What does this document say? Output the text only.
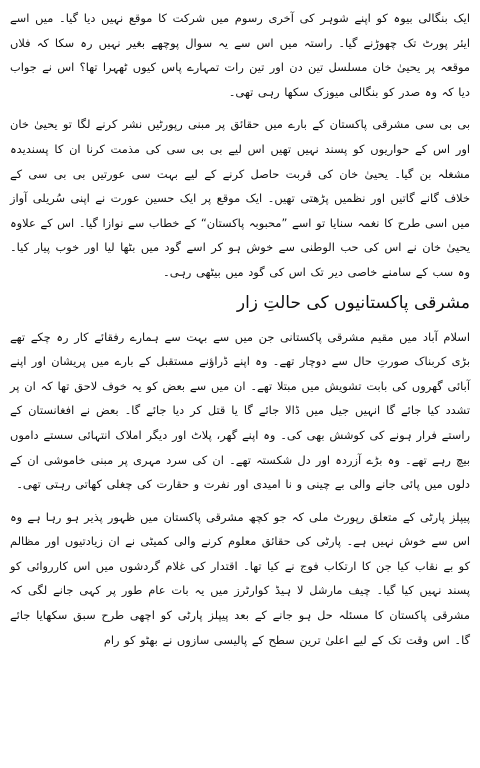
ایک بنگالی بیوہ کو اپنے شوہر کی آخری رسوم میں شرکت کا موقع نہیں دیا گیا۔ میں اسے ایئر پورٹ تک چھوڑنے گیا۔ راستہ میں اس سے یہ سوال پوچھے بغیر نہیں رہ سکا کہ فلاں موقعہ پر یحییٰ خان مسلسل تین دن اور تین رات تمہارے پاس کیوں ٹھہرا تھا؟ اس نے جواب دیا کہ وہ صدر کو بنگالی میوزک سکھا رہی تھی۔

بی بی سی مشرقی پاکستان کے بارے میں حقائق پر مبنی رپورٹیں نشر کرنے لگا تو یحییٰ خان اور اس کے حواریوں کو پسند نہیں تھیں اس لیے بی بی سی کی مذمت کرنا ان کا پسندیدہ مشغلہ بن گیا۔ یحییٰ خان کی قربت حاصل کرنے کے لیے بہت سی عورتیں بی بی سی کے خلاف گانے گاتیں اور نظمیں پڑھتی تھیں۔ ایک موقع پر ایک حسین عورت نے اپنی سُریلی آواز میں اسی طرح کا نغمہ سنایا تو اسے ”محبوبہ پاکستان“ کے خطاب سے نوازا گیا۔ اس کے علاوہ یحییٰ خان نے اس کی حب الوطنی سے خوش ہو کر اسے گود میں بٹھا لیا اور خوب پیار کیا۔ وہ سب کے سامنے خاصی دیر تک اس کی گود میں بیٹھی رہی۔

مشرقی پاکستانیوں کی حالتِ زار

اسلام آباد میں مقیم مشرقی پاکستانی جن میں سے بہت سے ہمارے رفقائے کار رہ چکے تھے بڑی کربناک صورتِ حال سے دوچار تھے۔ وہ اپنے ڈراؤنے مستقبل کے بارے میں پریشان اور اپنے آبائی گھروں کی بابت تشویش میں مبتلا تھے۔ ان میں سے بعض کو یہ خوف لاحق تھا کہ ان پر تشدد کیا جائے گا انہیں جیل میں ڈالا جائے گا یا قتل کر دیا جائے گا۔ بعض نے افغانستان کے راستے فرار ہونے کی کوشش بھی کی۔ وہ اپنے گھر، پلاٹ اور دیگر املاک انتہائی سستے داموں بیچ رہے تھے۔ وہ بڑے آزردہ اور دل شکستہ تھے۔ ان کی سرد مہری پر مبنی خاموشی ان کے دلوں میں پائی جانے والی بے چینی و نا امیدی اور نفرت و حقارت کی چغلی کھاتی رہتی تھی۔

پیپلز پارٹی کے متعلق رپورٹ ملی کہ جو کچھ مشرقی پاکستان میں ظہور پذیر ہو رہا ہے وہ اس سے خوش نہیں ہے۔ پارٹی کی حقائق معلوم کرنے والی کمیٹی نے ان زیادتیوں اور مظالم کو بے نقاب کیا جن کا ارتکاب فوج نے کیا تھا۔ اقتدار کی غلام گردشوں میں اس کارروائی کو پسند نہیں کیا گیا۔ چیف مارشل لا ہیڈ کوارٹرز میں یہ بات عام طور پر کہی جانے لگی کہ مشرقی پاکستان کا مسئلہ حل ہو جانے کے بعد پیپلز پارٹی کو اچھی طرح سبق سکھایا جائے گا۔ اس وقت تک کے لیے اعلیٰ ترین سطح کے پالیسی سازوں نے بھٹو کو رام
